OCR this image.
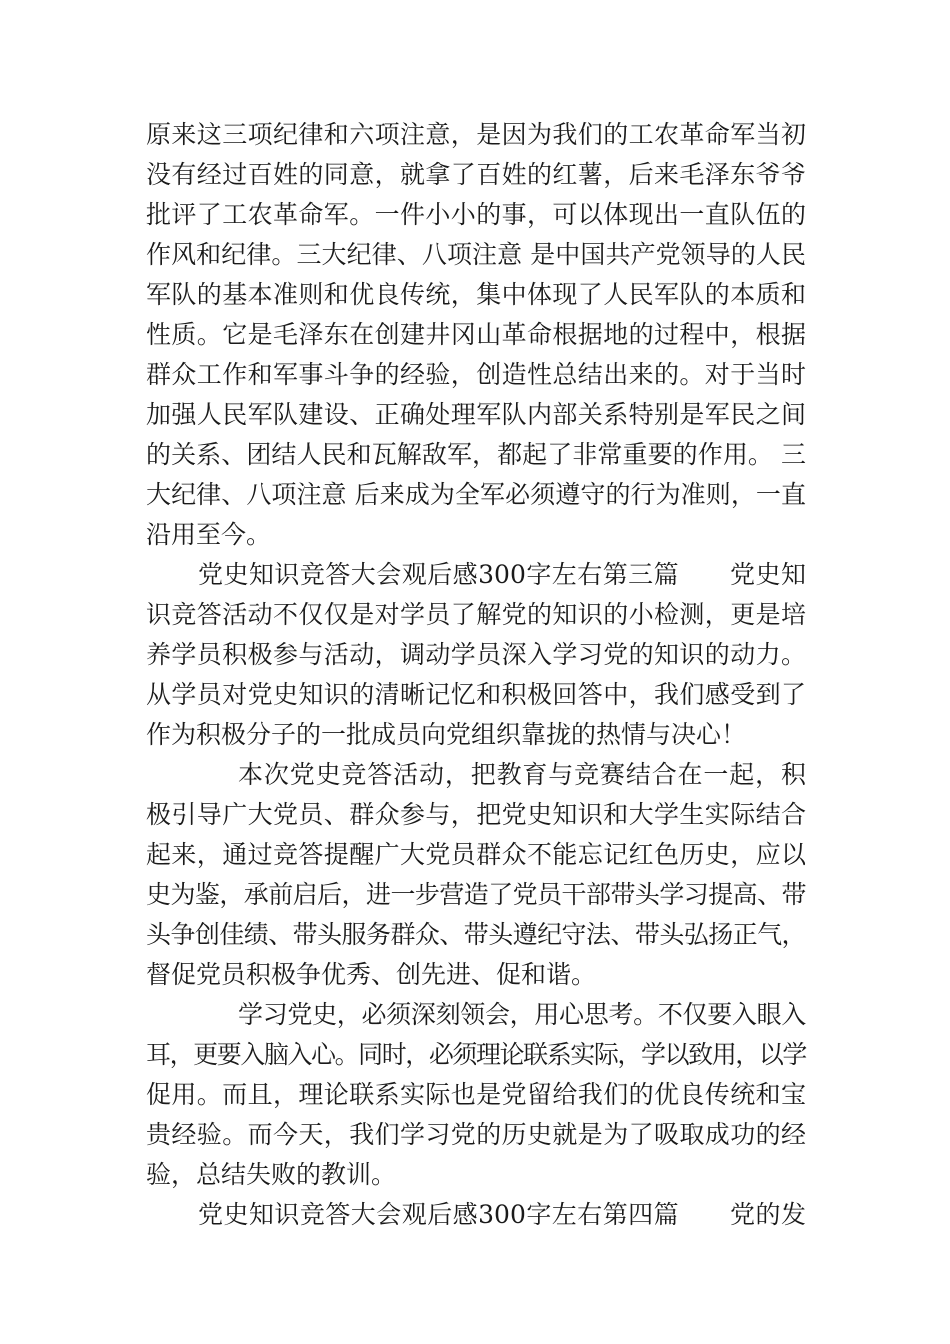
原来这三项纪律和六项注意，是因为我们的工农革命军当初
没有经过百姓的同意，就拿了百姓的红薯，后来毛泽东爷爷
批评了工农革命军。一件小小的事，可以体现出一直队伍的
作风和纪律。三大纪律、八项注意 是中国共产党领导的人民
军队的基本准则和优良传统，集中体现了人民军队的本质和
性质。它是毛泽东在创建井冈山革命根据地的过程中，根据
群众工作和军事斗争的经验，创造性总结出来的。对于当时
加强人民军队建设、正确处理军队内部关系特别是军民之间
的关系、团结人民和瓦解敌军，都起了非常重要的作用。 三
大纪律、八项注意 后来成为全军必须遵守的行为准则，一直
沿用至今。
党史知识竞答大会观后感300字左右第三篇　　党史知
识竞答活动不仅仅是对学员了解党的知识的小检测，更是培
养学员积极参与活动，调动学员深入学习党的知识的动力。
从学员对党史知识的清晰记忆和积极回答中，我们感受到了
作为积极分子的一批成员向党组织靠拢的热情与决心！
本次党史竞答活动，把教育与竞赛结合在一起，积
极引导广大党员、群众参与，把党史知识和大学生实际结合
起来，通过竞答提醒广大党员群众不能忘记红色历史，应以
史为鉴，承前启后，进一步营造了党员干部带头学习提高、带
头争创佳绩、带头服务群众、带头遵纪守法、带头弘扬正气，
督促党员积极争优秀、创先进、促和谐。
学习党史，必须深刻领会，用心思考。不仅要入眼入
耳，更要入脑入心。同时，必须理论联系实际，学以致用，以学
促用。而且，理论联系实际也是党留给我们的优良传统和宝
贵经验。而今天，我们学习党的历史就是为了吸取成功的经
验，总结失败的教训。
党史知识竞答大会观后感300字左右第四篇　　党的发
